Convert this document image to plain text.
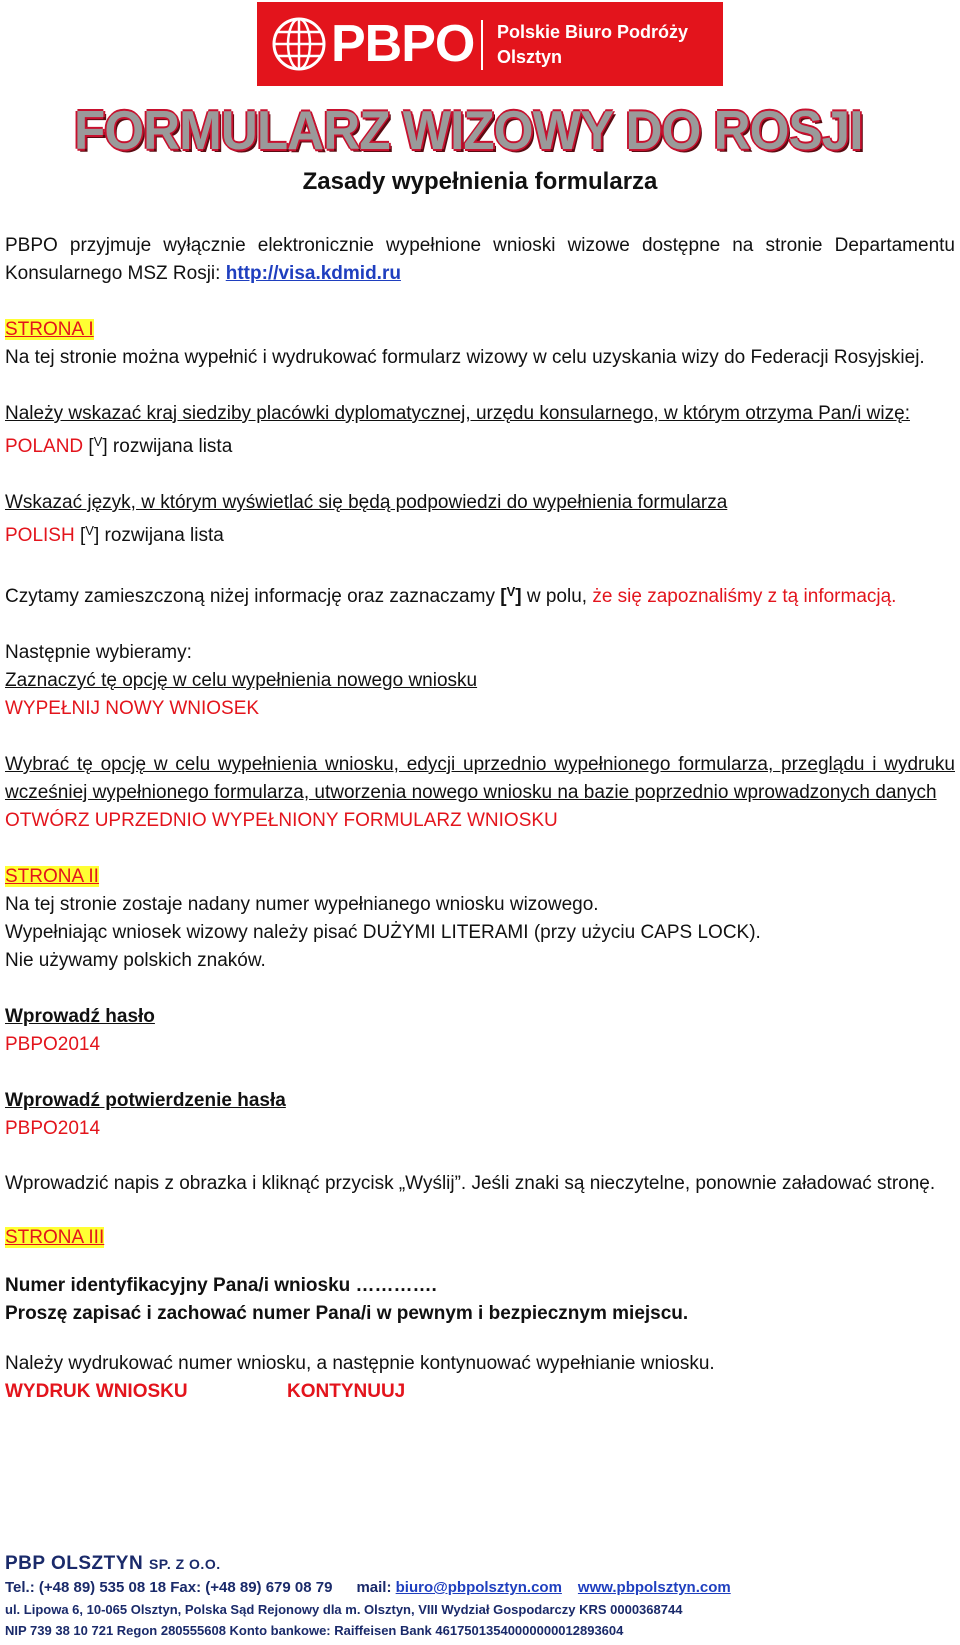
PBPO Polskie Biuro Podróży
Olsztyn
FORMULARZ WIZOWY DO ROSJI
Zasady wypełnienia formularza

PBPO przyjmuje wyłącznie elektronicznie wypełnione wnioski wizowe dostępne na stronie Departamentu Konsularnego MSZ Rosji: http://visa.kdmid.ru

STRONA I

Na tej stronie można wypełnić i wydrukować formularz wizowy w celu uzyskania wizy do Federacji Rosyjskiej.

Należy wskazać kraj siedziby placówki dyplomatycznej, urzędu konsularnego, w którym otrzyma Pan/i wizę:

POLAND [$^V$] rozwijana lista

Wskazać język, w którym wyświetlać się będą podpowiedzi do wypełnienia formularza

POLISH [$^V$] rozwijana lista

Czytamy zamieszczoną niżej informację oraz zaznaczamy [$^V$] w polu, że się zapoznaliśmy z tą informacją.

Następnie wybieramy:

Zaznaczyć tę opcję w celu wypełnienia nowego wniosku

WYPEŁNIJ NOWY WNIOSEK

Wybrać tę opcję w celu wypełnienia wniosku, edycji uprzednio wypełnionego formularza, przeglądu i wydruku wcześniej wypełnionego formularza, utworzenia nowego wniosku na bazie poprzednio wprowadzonych danych

OTWÓRZ UPRZEDNIO WYPEŁNIONY FORMULARZ WNIOSKU

STRONA II

Na tej stronie zostaje nadany numer wypełnianego wniosku wizowego.

Wypełniając wniosek wizowy należy pisać DUŻYMI LITERAMI (przy użyciu CAPS LOCK).

Nie używamy polskich znaków.

Wprowadź hasło

PBPO2014

Wprowadź potwierdzenie hasła

PBPO2014

Wprowadzić napis z obrazka i kliknąć przycisk „Wyślij”. Jeśli znaki są nieczytelne, ponownie załadować stronę.

STRONA III

Numer identyfikacyjny Pana/i wniosku ………….

Proszę zapisać i zachować numer Pana/i w pewnym i bezpiecznym miejscu.

Należy wydrukować numer wniosku, a następnie kontynuować wypełnianie wniosku.

WYDRUK WNIOSKU	KONTYNUUJ

PBP OLSZTYN SP. Z O.O.
Tel.: (+48 89) 535 08 18 Fax: (+48 89) 679 08 79 mail: biuro@pbpolsztyn.com www.pbpolsztyn.com
ul. Lipowa 6, 10-065 Olsztyn, Polska Sąd Rejonowy dla m. Olsztyn, VIII Wydział Gospodarczy KRS 0000368744
NIP 739 38 10 721 Regon 280555608 Konto bankowe: Raiffeisen Bank 46175013540000000012893604
